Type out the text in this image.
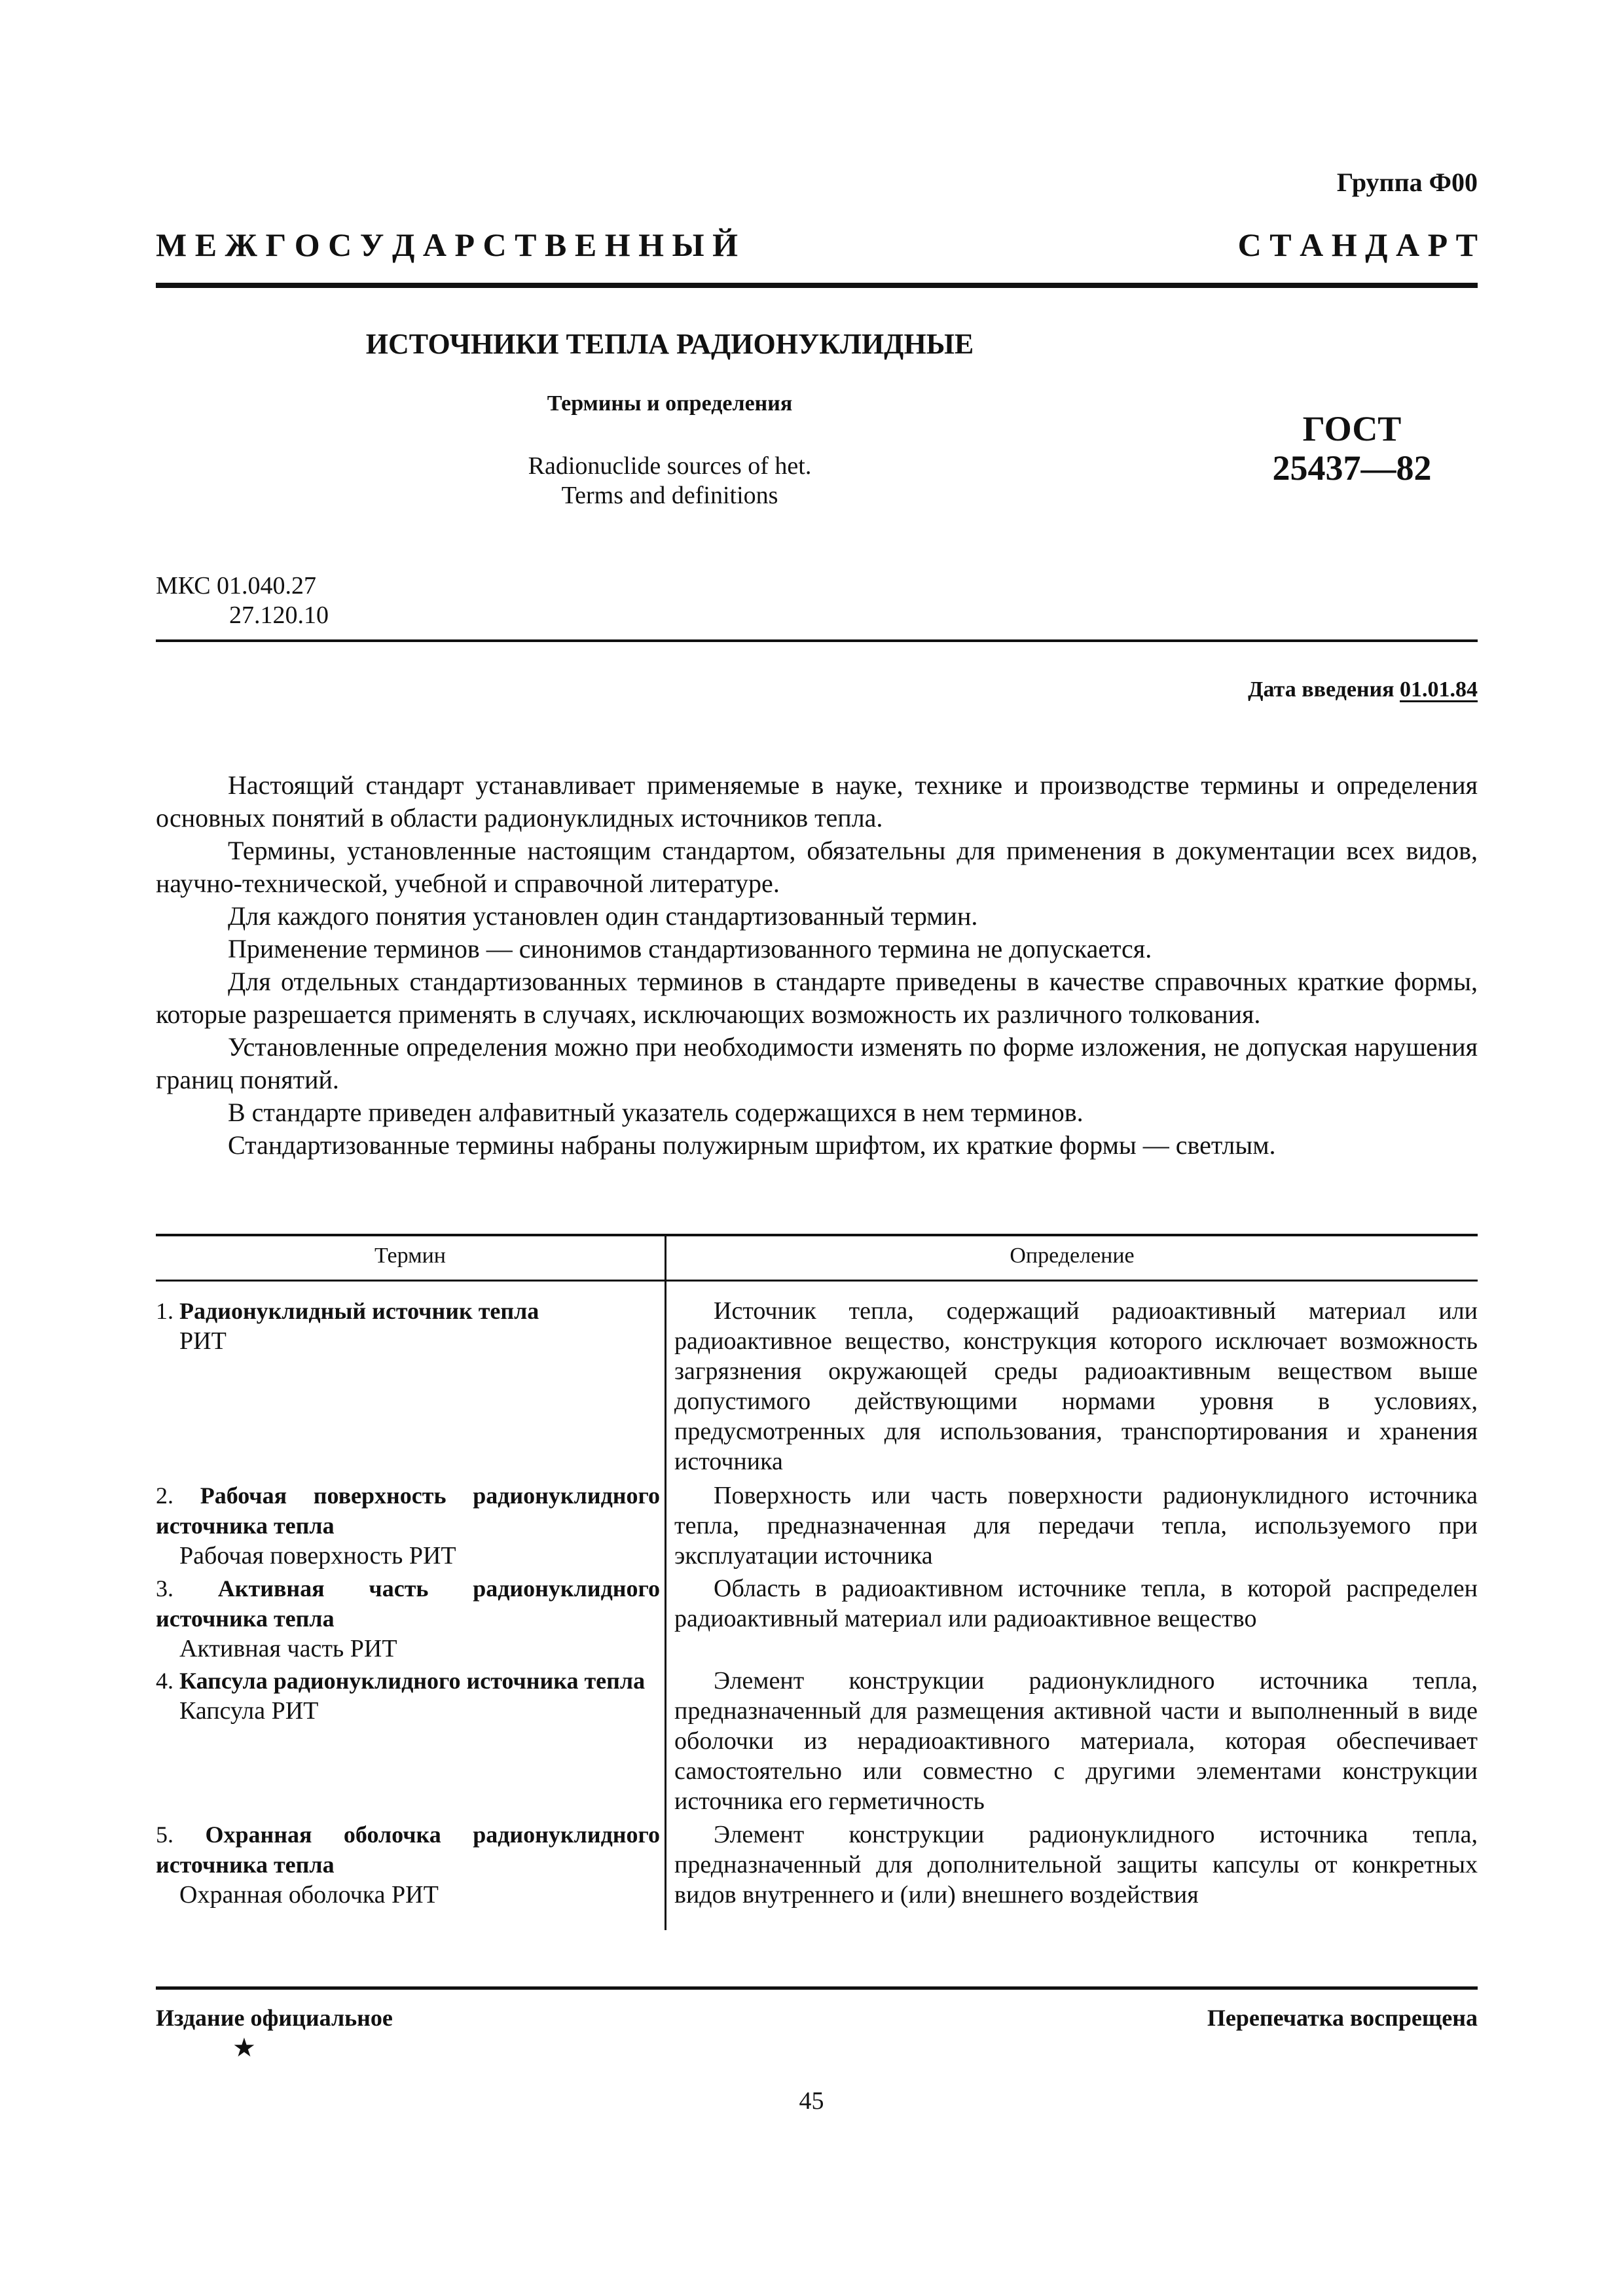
Группа Ф00
М Е Ж Г О С У Д А Р С Т В Е Н Н Ы Й	С Т А Н Д А Р Т
ИСТОЧНИКИ ТЕПЛА РАДИОНУКЛИДНЫЕ
Термины и определения
Radionuclide sources of het.
Terms and definitions
ГОСТ
25437—82
МКС 01.040.27
27.120.10
Дата введения 01.01.84

Настоящий стандарт устанавливает применяемые в науке, технике и производстве термины и определения основных понятий в области радионуклидных источников тепла.

Термины, установленные настоящим стандартом, обязательны для применения в документации всех видов, научно-технической, учебной и справочной литературе.

Для каждого понятия установлен один стандартизованный термин.

Применение терминов — синонимов стандартизованного термина не допускается.

Для отдельных стандартизованных терминов в стандарте приведены в качестве справочных краткие формы, которые разрешается применять в случаях, исключающих возможность их различного толкования.

Установленные определения можно при необходимости изменять по форме изложения, не допуская нарушения границ понятий.

В стандарте приведен алфавитный указатель содержащихся в нем терминов.

Стандартизованные термины набраны полужирным шрифтом, их краткие формы — светлым.

Термин	Определение
1. Радионуклидный источник тепла
РИТ
Источник тепла, содержащий радиоактивный материал или радиоактивное вещество, конструкция которого исключает возможность загрязнения окружающей среды радиоактивным веществом выше допустимого действующими нормами уровня в условиях, предусмотренных для использования, транспортирования и хранения источника
2. Рабочая поверхность радионуклидного источника тепла
Рабочая поверхность РИТ
Поверхность или часть поверхности радионуклидного источника тепла, предназначенная для передачи тепла, используемого при эксплуатации источника
3. Активная часть радионуклидного источника тепла
Активная часть РИТ
Область в радиоактивном источнике тепла, в которой распределен радиоактивный материал или радиоактивное вещество
4. Капсула радионуклидного источника тепла
Капсула РИТ
Элемент конструкции радионуклидного источника тепла, предназначенный для размещения активной части и выполненный в виде оболочки из нерадиоактивного материала, которая обеспечивает самостоятельно или совместно с другими элементами конструкции источника его герметичность
5. Охранная оболочка радионуклидного источника тепла
Охранная оболочка РИТ
Элемент конструкции радионуклидного источника тепла, предназначенный для дополнительной защиты капсулы от конкретных видов внутреннего и (или) внешнего воздействия
Издание официальное
★
Перепечатка воспрещена
45
